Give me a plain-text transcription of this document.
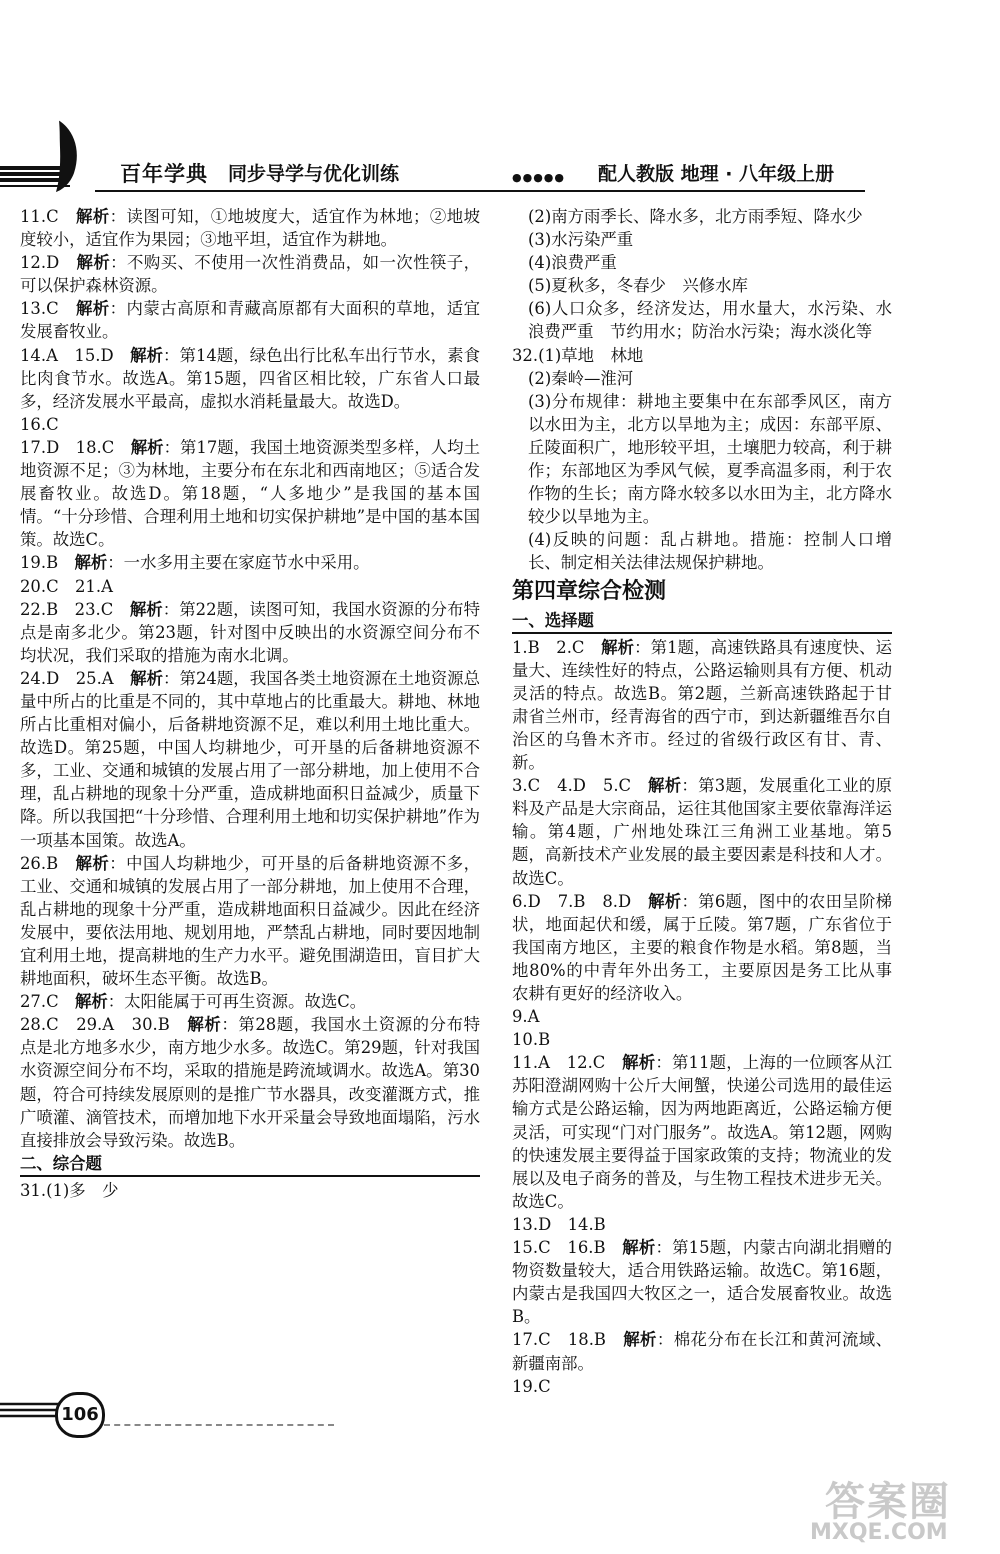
百年学典 同步导学与优化训练	●●●●● 配人教版 地理 · 八年级上册

11.C　解析：读图可知，①地坡度大，适宜作为林地；②地坡度较小，适宜作为果园；③地平坦，适宜作为耕地。

12.D　解析：不购买、不使用一次性消费品，如一次性筷子，可以保护森林资源。

13.C　解析：内蒙古高原和青藏高原都有大面积的草地，适宜发展畜牧业。

14.A　15.D　解析：第14题，绿色出行比私车出行节水，素食比肉食节水。故选A。第15题，四省区相比较，广东省人口最多，经济发展水平最高，虚拟水消耗量最大。故选D。

16.C

17.D　18.C　解析：第17题，我国土地资源类型多样，人均土地资源不足；③为林地，主要分布在东北和西南地区；⑤适合发展畜牧业。故选D。第18题，“人多地少”是我国的基本国情。“十分珍惜、合理利用土地和切实保护耕地”是中国的基本国策。故选C。

19.B　解析：一水多用主要在家庭节水中采用。

20.C　21.A

22.B　23.C　解析：第22题，读图可知，我国水资源的分布特点是南多北少。第23题，针对图中反映出的水资源空间分布不均状况，我们采取的措施为南水北调。

24.D　25.A　解析：第24题，我国各类土地资源在土地资源总量中所占的比重是不同的，其中草地占的比重最大。耕地、林地所占比重相对偏小，后备耕地资源不足，难以利用土地比重大。故选D。第25题，中国人均耕地少，可开垦的后备耕地资源不多，工业、交通和城镇的发展占用了一部分耕地，加上使用不合理，乱占耕地的现象十分严重，造成耕地面积日益减少，质量下降。所以我国把“十分珍惜、合理利用土地和切实保护耕地”作为一项基本国策。故选A。

26.B　解析：中国人均耕地少，可开垦的后备耕地资源不多，工业、交通和城镇的发展占用了一部分耕地，加上使用不合理，乱占耕地的现象十分严重，造成耕地面积日益减少。因此在经济发展中，要依法用地、规划用地，严禁乱占耕地，同时要因地制宜利用土地，提高耕地的生产力水平。避免围湖造田，盲目扩大耕地面积，破坏生态平衡。故选B。

27.C　解析：太阳能属于可再生资源。故选C。

28.C　29.A　30.B　解析：第28题，我国水土资源的分布特点是北方地多水少，南方地少水多。故选C。第29题，针对我国水资源空间分布不均，采取的措施是跨流域调水。故选A。第30题，符合可持续发展原则的是推广节水器具，改变灌溉方式，推广喷灌、滴管技术，而增加地下水开采量会导致地面塌陷，污水直接排放会导致污染。故选B。

二、综合题

31.(1)多　少

(2)南方雨季长、降水多，北方雨季短、降水少

(3)水污染严重

(4)浪费严重

(5)夏秋多，冬春少　兴修水库

(6)人口众多，经济发达，用水量大，水污染、水浪费严重　节约用水；防治水污染；海水淡化等

32.(1)草地　林地

(2)秦岭—淮河

(3)分布规律：耕地主要集中在东部季风区，南方以水田为主，北方以旱地为主；成因：东部平原、丘陵面积广，地形较平坦，土壤肥力较高，利于耕作；东部地区为季风气候，夏季高温多雨，利于农作物的生长；南方降水较多以水田为主，北方降水较少以旱地为主。

(4)反映的问题：乱占耕地。措施：控制人口增长、制定相关法律法规保护耕地。

第四章综合检测

一、选择题

1.B　2.C　解析：第1题，高速铁路具有速度快、运量大、连续性好的特点，公路运输则具有方便、机动灵活的特点。故选B。第2题，兰新高速铁路起于甘肃省兰州市，经青海省的西宁市，到达新疆维吾尔自治区的乌鲁木齐市。经过的省级行政区有甘、青、新。

3.C　4.D　5.C　解析：第3题，发展重化工业的原料及产品是大宗商品，运往其他国家主要依靠海洋运输。第4题，广州地处珠江三角洲工业基地。第5题，高新技术产业发展的最主要因素是科技和人才。故选C。

6.D　7.B　8.D　解析：第6题，图中的农田呈阶梯状，地面起伏和缓，属于丘陵。第7题，广东省位于我国南方地区，主要的粮食作物是水稻。第8题，当地80%的中青年外出务工，主要原因是务工比从事农耕有更好的经济收入。

9.A

10.B

11.A　12.C　解析：第11题，上海的一位顾客从江苏阳澄湖网购十公斤大闸蟹，快递公司选用的最佳运输方式是公路运输，因为两地距离近，公路运输方便灵活，可实现“门对门服务”。故选A。第12题，网购的快速发展主要得益于国家政策的支持；物流业的发展以及电子商务的普及，与生物工程技术进步无关。故选C。

13.D　14.B

15.C　16.B　解析：第15题，内蒙古向湖北捐赠的物资数量较大，适合用铁路运输。故选C。第16题，内蒙古是我国四大牧区之一，适合发展畜牧业。故选B。

17.C　18.B　解析：棉花分布在长江和黄河流域、新疆南部。

19.C

106
答案圈
MXQE.COM
